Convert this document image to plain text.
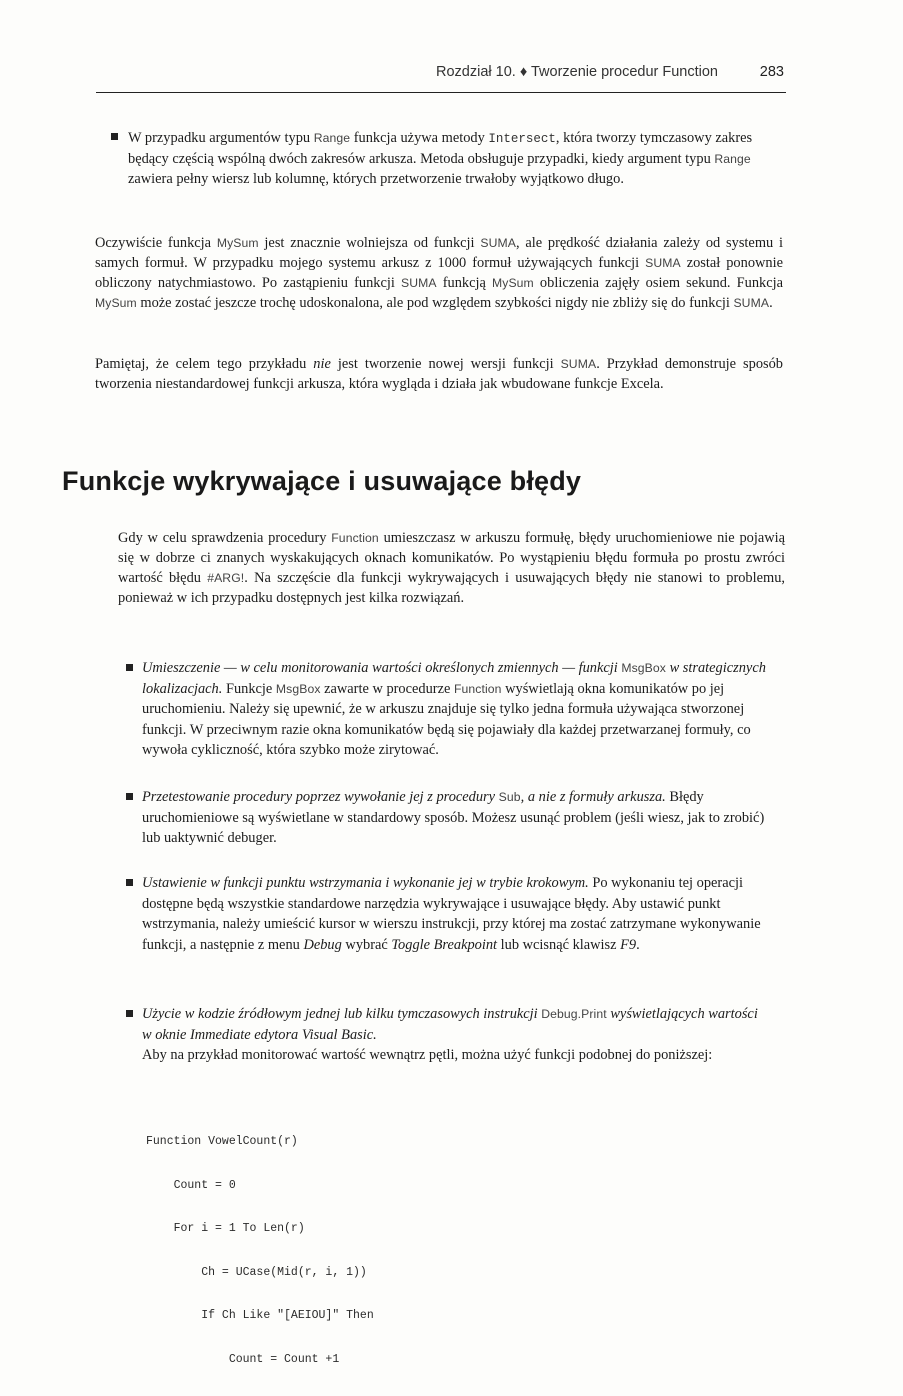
Rozdział 10. ♦ Tworzenie procedur Function	283
W przypadku argumentów typu Range funkcja używa metody Intersect, która tworzy tymczasowy zakres będący częścią wspólną dwóch zakresów arkusza. Metoda obsługuje przypadki, kiedy argument typu Range zawiera pełny wiersz lub kolumnę, których przetworzenie trwałoby wyjątkowo długo.
Oczywiście funkcja MySum jest znacznie wolniejsza od funkcji SUMA, ale prędkość działania zależy od systemu i samych formuł. W przypadku mojego systemu arkusz z 1000 formuł używających funkcji SUMA został ponownie obliczony natychmiastowo. Po zastąpieniu funkcji SUMA funkcją MySum obliczenia zajęły osiem sekund. Funkcja MySum może zostać jeszcze trochę udoskonalona, ale pod względem szybkości nigdy nie zbliży się do funkcji SUMA.
Pamiętaj, że celem tego przykładu nie jest tworzenie nowej wersji funkcji SUMA. Przykład demonstruje sposób tworzenia niestandardowej funkcji arkusza, która wygląda i działa jak wbudowane funkcje Excela.
Funkcje wykrywające i usuwające błędy
Gdy w celu sprawdzenia procedury Function umieszczasz w arkuszu formułę, błędy uruchomieniowe nie pojawią się w dobrze ci znanych wyskakujących oknach komunikatów. Po wystąpieniu błędu formuła po prostu zwróci wartość błędu #ARG!. Na szczęście dla funkcji wykrywających i usuwających błędy nie stanowi to problemu, ponieważ w ich przypadku dostępnych jest kilka rozwiązań.
Umieszczenie — w celu monitorowania wartości określonych zmiennych — funkcji MsgBox w strategicznych lokalizacjach. Funkcje MsgBox zawarte w procedurze Function wyświetlają okna komunikatów po jej uruchomieniu. Należy się upewnić, że w arkuszu znajduje się tylko jedna formuła używająca stworzonej funkcji. W przeciwnym razie okna komunikatów będą się pojawiały dla każdej przetwarzanej formuły, co wywoła cykliczność, która szybko może zirytować.
Przetestowanie procedury poprzez wywołanie jej z procedury Sub, a nie z formuły arkusza. Błędy uruchomieniowe są wyświetlane w standardowy sposób. Możesz usunąć problem (jeśli wiesz, jak to zrobić) lub uaktywnić debuger.
Ustawienie w funkcji punktu wstrzymania i wykonanie jej w trybie krokowym. Po wykonaniu tej operacji dostępne będą wszystkie standardowe narzędzia wykrywające i usuwające błędy. Aby ustawić punkt wstrzymania, należy umieścić kursor w wierszu instrukcji, przy której ma zostać zatrzymane wykonywanie funkcji, a następnie z menu Debug wybrać Toggle Breakpoint lub wcisnąć klawisz F9.
Użycie w kodzie źródłowym jednej lub kilku tymczasowych instrukcji Debug.Print wyświetlających wartości w oknie Immediate edytora Visual Basic.
Aby na przykład monitorować wartość wewnątrz pętli, można użyć funkcji podobnej do poniższej:

Function VowelCount(r)

Count = 0

For i = 1 To Len(r)

Ch = UCase(Mid(r, i, 1))

If Ch Like "[AEIOU]" Then

Count = Count +1
